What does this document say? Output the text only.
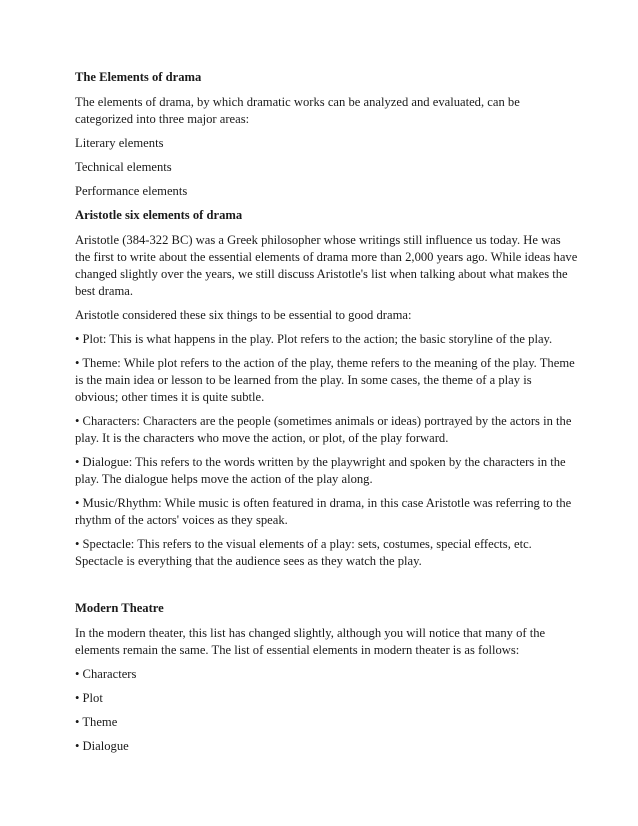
The Elements of drama

The elements of drama, by which dramatic works can be analyzed and evaluated, can be categorized into three major areas:

Literary elements

Technical elements

Performance elements

Aristotle six elements of drama

Aristotle (384-322 BC) was a Greek philosopher whose writings still influence us today. He was the first to write about the essential elements of drama more than 2,000 years ago. While ideas have changed slightly over the years, we still discuss Aristotle's list when talking about what makes the best drama.

Aristotle considered these six things to be essential to good drama:

• Plot: This is what happens in the play. Plot refers to the action; the basic storyline of the play.

• Theme: While plot refers to the action of the play, theme refers to the meaning of the play. Theme is the main idea or lesson to be learned from the play. In some cases, the theme of a play is obvious; other times it is quite subtle.

• Characters: Characters are the people (sometimes animals or ideas) portrayed by the actors in the play. It is the characters who move the action, or plot, of the play forward.

• Dialogue: This refers to the words written by the playwright and spoken by the characters in the play. The dialogue helps move the action of the play along.

• Music/Rhythm: While music is often featured in drama, in this case Aristotle was referring to the rhythm of the actors' voices as they speak.

• Spectacle: This refers to the visual elements of a play: sets, costumes, special effects, etc. Spectacle is everything that the audience sees as they watch the play.

Modern Theatre

In the modern theater, this list has changed slightly, although you will notice that many of the elements remain the same. The list of essential elements in modern theater is as follows:

• Characters

• Plot

• Theme

• Dialogue
